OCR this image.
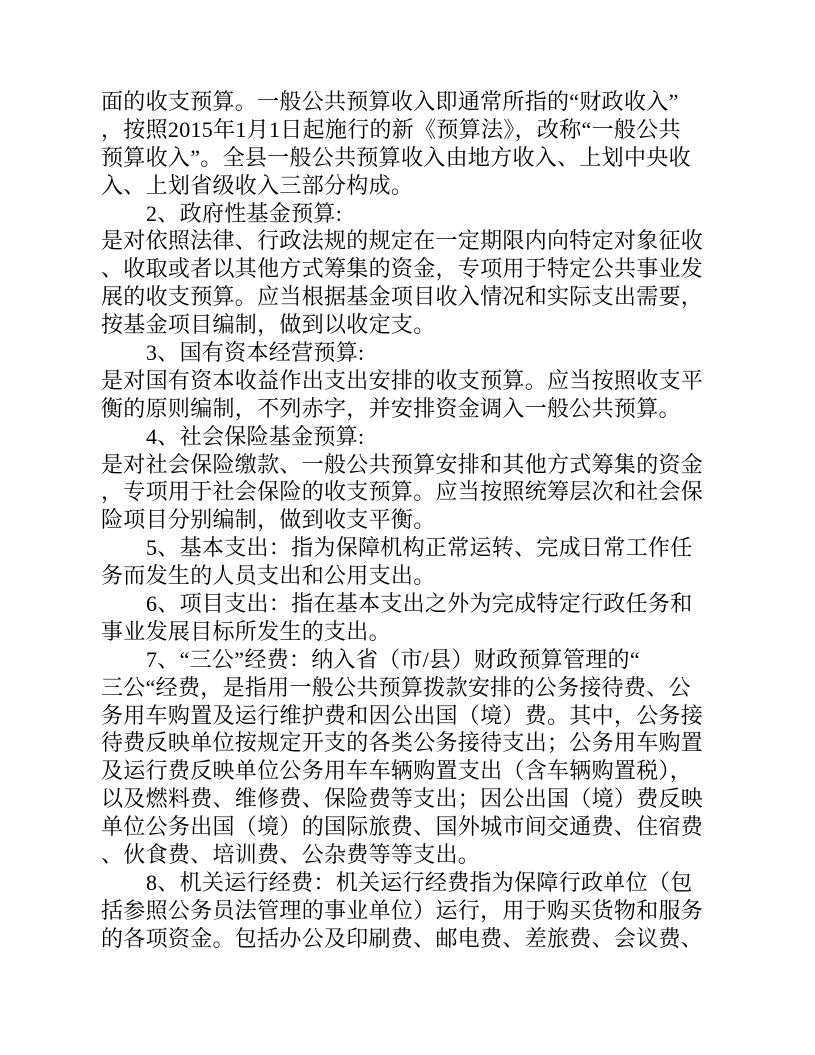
面的收支预算。一般公共预算收入即通常所指的“财政收入”
，按照2015年1月1日起施行的新《预算法》，改称“一般公共
预算收入”。全县一般公共预算收入由地方收入、上划中央收
入、上划省级收入三部分构成。
2、政府性基金预算:
是对依照法律、行政法规的规定在一定期限内向特定对象征收
、收取或者以其他方式筹集的资金，专项用于特定公共事业发
展的收支预算。应当根据基金项目收入情况和实际支出需要，
按基金项目编制，做到以收定支。
3、国有资本经营预算:
是对国有资本收益作出支出安排的收支预算。应当按照收支平
衡的原则编制，不列赤字，并安排资金调入一般公共预算。
4、社会保险基金预算:
是对社会保险缴款、一般公共预算安排和其他方式筹集的资金
，专项用于社会保险的收支预算。应当按照统筹层次和社会保
险项目分别编制，做到收支平衡。
5、基本支出：指为保障机构正常运转、完成日常工作任
务而发生的人员支出和公用支出。
6、项目支出：指在基本支出之外为完成特定行政任务和
事业发展目标所发生的支出。
7、“三公”经费：纳入省（市/县）财政预算管理的“
三公“经费，是指用一般公共预算拨款安排的公务接待费、公
务用车购置及运行维护费和因公出国（境）费。其中，公务接
待费反映单位按规定开支的各类公务接待支出；公务用车购置
及运行费反映单位公务用车车辆购置支出（含车辆购置税），
以及燃料费、维修费、保险费等支出；因公出国（境）费反映
单位公务出国（境）的国际旅费、国外城市间交通费、住宿费
、伙食费、培训费、公杂费等等支出。
8、机关运行经费：机关运行经费指为保障行政单位（包
括参照公务员法管理的事业单位）运行，用于购买货物和服务
的各项资金。包括办公及印刷费、邮电费、差旅费、会议费、
